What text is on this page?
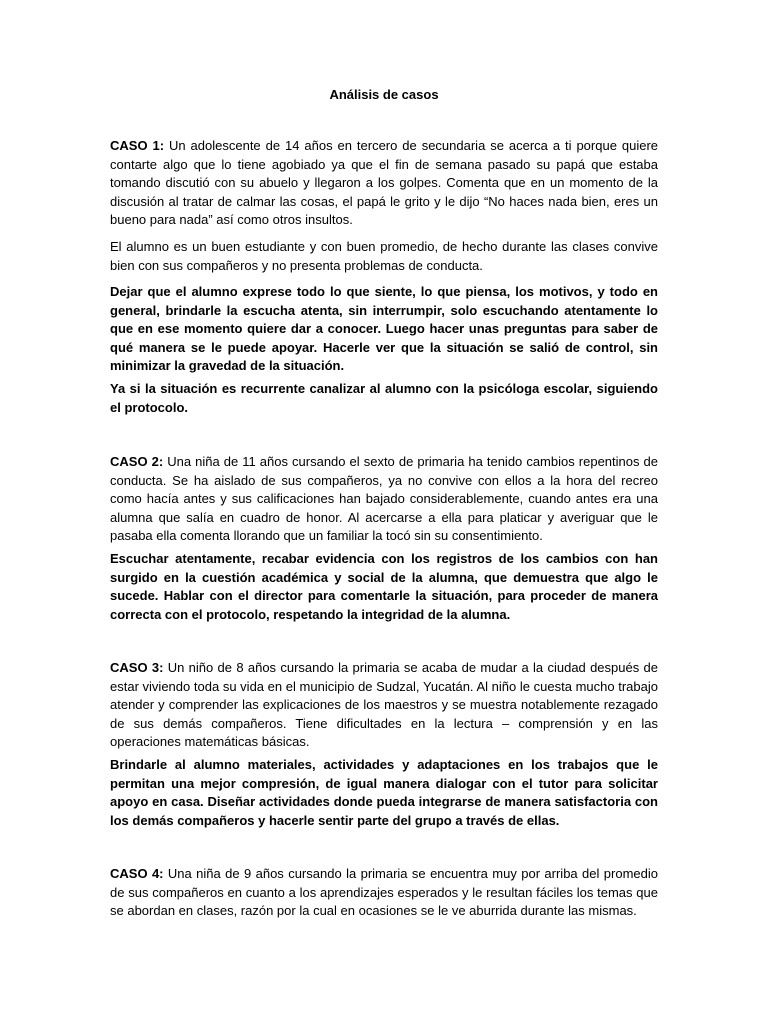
Análisis de casos

CASO 1: Un adolescente de 14 años en tercero de secundaria se acerca a ti porque quiere contarte algo que lo tiene agobiado ya que el fin de semana pasado su papá que estaba tomando discutió con su abuelo y llegaron a los golpes. Comenta que en un momento de la discusión al tratar de calmar las cosas, el papá le grito y le dijo “No haces nada bien, eres un bueno para nada” así como otros insultos.

El alumno es un buen estudiante y con buen promedio, de hecho durante las clases convive bien con sus compañeros y no presenta problemas de conducta.

Dejar que el alumno exprese todo lo que siente, lo que piensa, los motivos, y todo en general, brindarle la escucha atenta, sin interrumpir, solo escuchando atentamente lo que en ese momento quiere dar a conocer. Luego hacer unas preguntas para saber de qué manera se le puede apoyar. Hacerle ver que la situación se salió de control, sin minimizar la gravedad de la situación.

Ya si la situación es recurrente canalizar al alumno con la psicóloga escolar, siguiendo el protocolo.

CASO 2: Una niña de 11 años cursando el sexto de primaria ha tenido cambios repentinos de conducta. Se ha aislado de sus compañeros, ya no convive con ellos a la hora del recreo como hacía antes y sus calificaciones han bajado considerablemente, cuando antes era una alumna que salía en cuadro de honor. Al acercarse a ella para platicar y averiguar que le pasaba ella comenta llorando que un familiar la tocó sin su consentimiento.

Escuchar atentamente, recabar evidencia con los registros de los cambios con han surgido en la cuestión académica y social de la alumna, que demuestra que algo le sucede. Hablar con el director para comentarle la situación, para proceder de manera correcta con el protocolo, respetando la integridad de la alumna.

CASO 3: Un niño de 8 años cursando la primaria se acaba de mudar a la ciudad después de estar viviendo toda su vida en el municipio de Sudzal, Yucatán. Al niño le cuesta mucho trabajo atender y comprender las explicaciones de los maestros y se muestra notablemente rezagado de sus demás compañeros. Tiene dificultades en la lectura – comprensión y en las operaciones matemáticas básicas.

Brindarle al alumno materiales, actividades y adaptaciones en los trabajos que le permitan una mejor compresión, de igual manera dialogar con el tutor para solicitar apoyo en casa. Diseñar actividades donde pueda integrarse de manera satisfactoria con los demás compañeros y hacerle sentir parte del grupo a través de ellas.

CASO 4: Una niña de 9 años cursando la primaria se encuentra muy por arriba del promedio de sus compañeros en cuanto a los aprendizajes esperados y le resultan fáciles los temas que se abordan en clases, razón por la cual en ocasiones se le ve aburrida durante las mismas.
